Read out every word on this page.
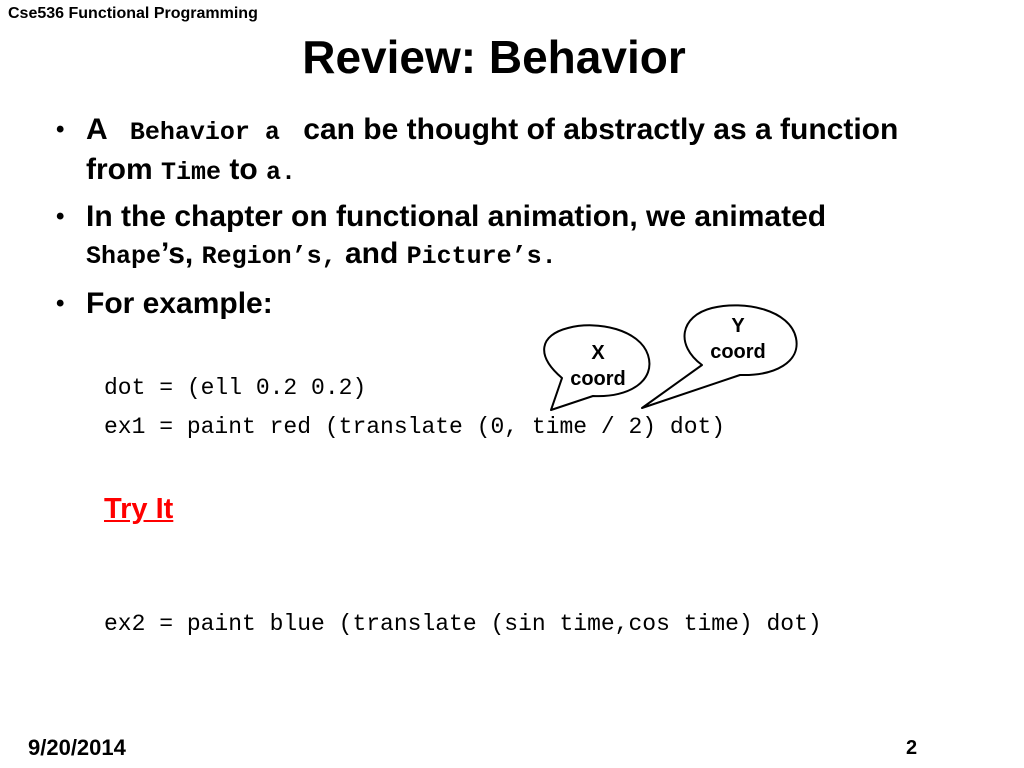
Cse536 Functional Programming
Review: Behavior
• A  Behavior a  can be thought of abstractly as a function from Time to a.
• In the chapter on functional animation, we animated Shape’s, Region’s, and Picture’s.
• For example:
X
coord
Y
coord
dot = (ell 0.2 0.2)
ex1 = paint red (translate (0, time / 2) dot)
Try It
ex2 = paint blue (translate (sin time,cos time) dot)
9/20/2014	2
